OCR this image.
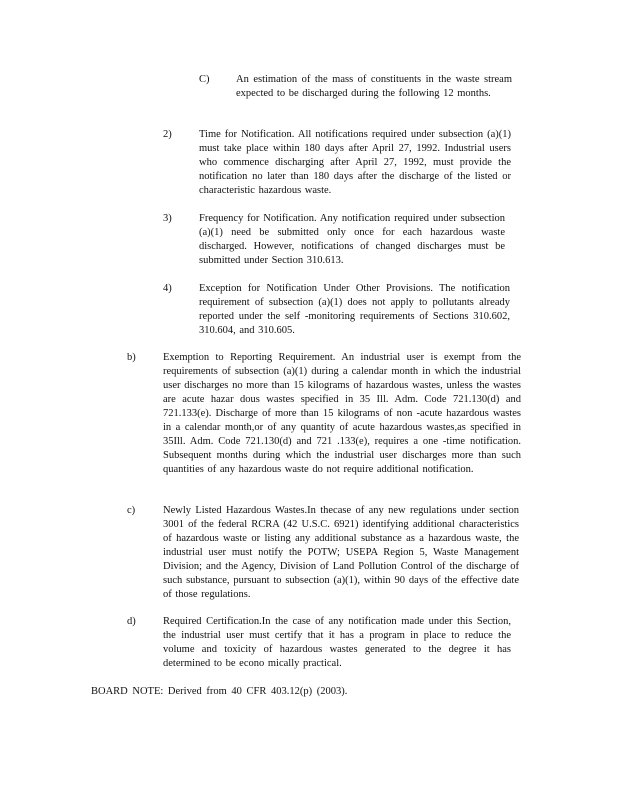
C)	An estimation of the mass of constituents in the waste stream expected to be discharged during the following 12 months.
2)	Time for Notification. All notifications required under subsection (a)(1) must take place within 180 days after April 27, 1992. Industrial users who commence discharging after April 27, 1992, must provide the notification no later than 180 days after the discharge of the listed or characteristic hazardous waste.
3)	Frequency for Notification. Any notification required under subsection (a)(1) need be submitted only once for each hazardous waste discharged. However, notifications of changed discharges must be submitted under Section 310.613.
4)	Exception for Notification Under Other Provisions. The notification requirement of subsection (a)(1) does not apply to pollutants already reported under the self -monitoring requirements of Sections 310.602, 310.604, and 310.605.
b)	Exemption to Reporting Requirement. An industrial user is exempt from the requirements of subsection (a)(1) during a calendar month in which the industrial user discharges no more than 15 kilograms of hazardous wastes, unless the wastes are acute hazar dous wastes specified in 35 Ill. Adm. Code 721.130(d) and 721.133(e). Discharge of more than 15 kilograms of non -acute hazardous wastes in a calendar month,or of any quantity of acute hazardous wastes,as specified in 35Ill. Adm. Code 721.130(d) and 721 .133(e), requires a one -time notification. Subsequent months during which the industrial user discharges more than such quantities of any hazardous waste do not require additional notification.
c)	Newly Listed Hazardous Wastes.In thecase of any new regulations under section 3001 of the federal RCRA (42 U.S.C. 6921) identifying additional characteristics of hazardous waste or listing any additional substance as a hazardous waste, the industrial user must notify the POTW; USEPA Region 5, Waste Management Division; and the Agency, Division of Land Pollution Control of the discharge of such substance, pursuant to subsection (a)(1), within 90 days of the effective date of those regulations.
d)	Required Certification.In the case of any notification made under this Section, the industrial user must certify that it has a program in place to reduce the volume and toxicity of hazardous wastes generated to the degree it has determined to be econo mically practical.
BOARD NOTE: Derived from 40 CFR 403.12(p) (2003).
